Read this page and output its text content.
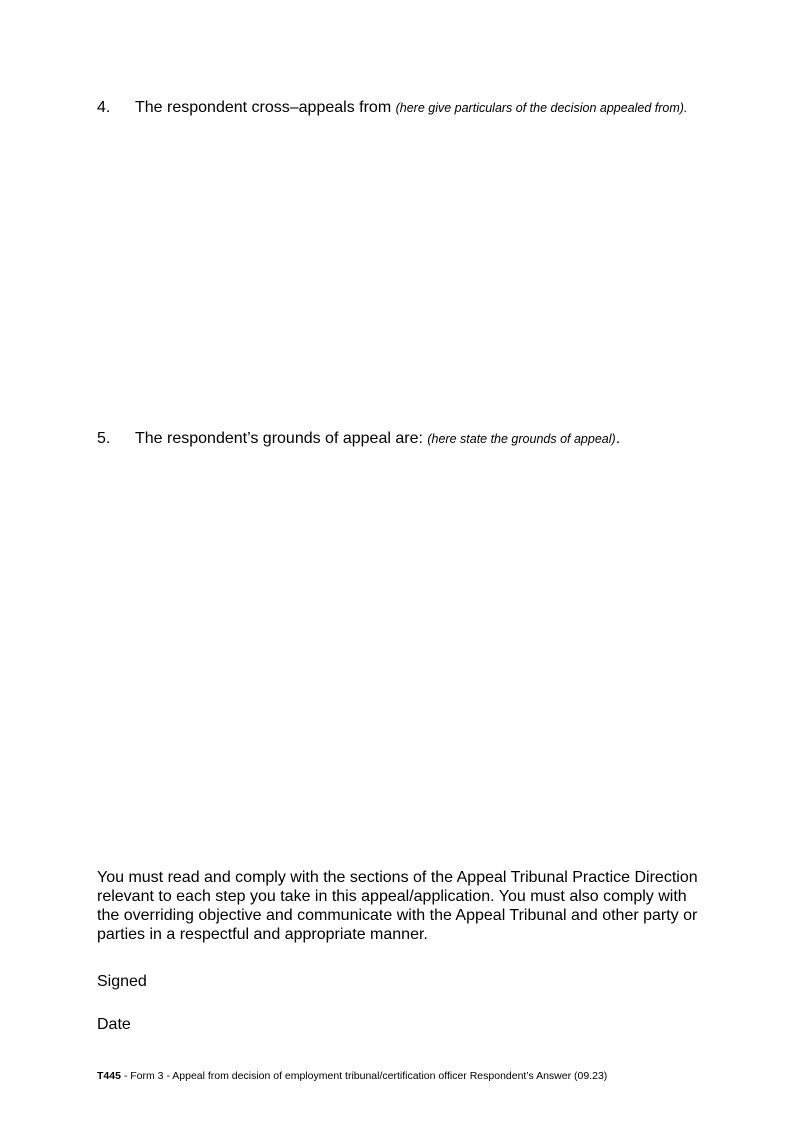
4. The respondent cross–appeals from (here give particulars of the decision appealed from).
5. The respondent’s grounds of appeal are: (here state the grounds of appeal).
You must read and comply with the sections of the Appeal Tribunal Practice Direction relevant to each step you take in this appeal/application. You must also comply with the overriding objective and communicate with the Appeal Tribunal and other party or parties in a respectful and appropriate manner.
Signed
Date
T445 - Form 3 - Appeal from decision of employment tribunal/certification officer Respondent’s Answer (09.23)
